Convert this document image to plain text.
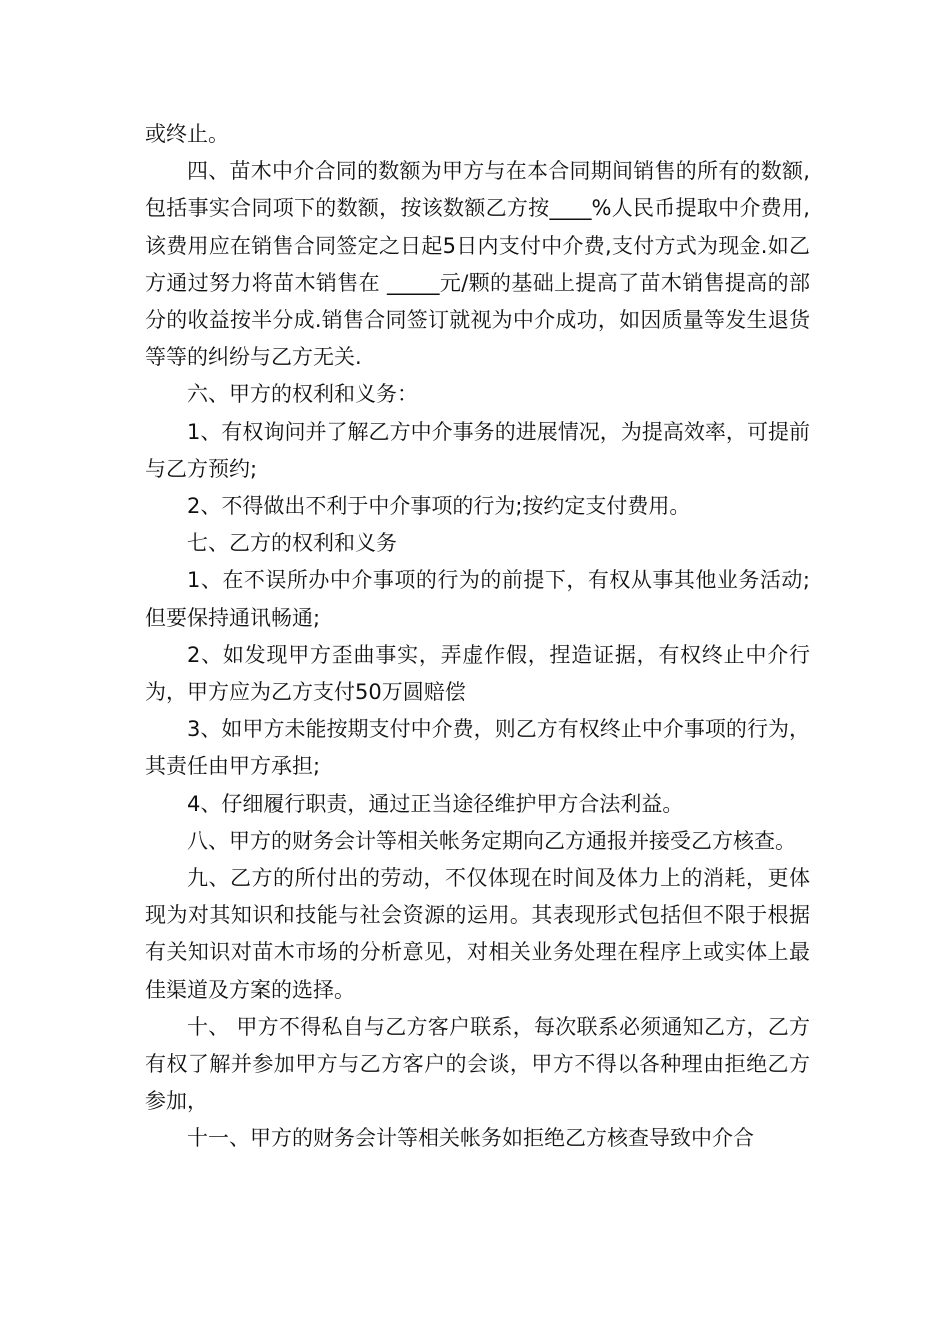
或终止。

四、苗木中介合同的数额为甲方与在本合同期间销售的所有的数额,包括事实合同项下的数额，按该数额乙方按____%人民币提取中介费用,该费用应在销售合同签定之日起5日内支付中介费,支付方式为现金.如乙方通过努力将苗木销售在 _____元/颗的基础上提高了苗木销售提高的部分的收益按半分成.销售合同签订就视为中介成功，如因质量等发生退货等等的纠纷与乙方无关.

六、甲方的权利和义务：

1、有权询问并了解乙方中介事务的进展情况，为提高效率，可提前与乙方预约;

2、不得做出不利于中介事项的行为;按约定支付费用。

七、乙方的权利和义务

1、在不误所办中介事项的行为的前提下，有权从事其他业务活动;但要保持通讯畅通;

2、如发现甲方歪曲事实，弄虚作假，捏造证据，有权终止中介行为，甲方应为乙方支付50万圆赔偿

3、如甲方未能按期支付中介费，则乙方有权终止中介事项的行为，其责任由甲方承担;

4、仔细履行职责，通过正当途径维护甲方合法利益。

八、甲方的财务会计等相关帐务定期向乙方通报并接受乙方核查。

九、乙方的所付出的劳动，不仅体现在时间及体力上的消耗，更体现为对其知识和技能与社会资源的运用。其表现形式包括但不限于根据有关知识对苗木市场的分析意见，对相关业务处理在程序上或实体上最佳渠道及方案的选择。

十、 甲方不得私自与乙方客户联系，每次联系必须通知乙方，乙方有权了解并参加甲方与乙方客户的会谈，甲方不得以各种理由拒绝乙方参加，

十一、甲方的财务会计等相关帐务如拒绝乙方核查导致中介合
